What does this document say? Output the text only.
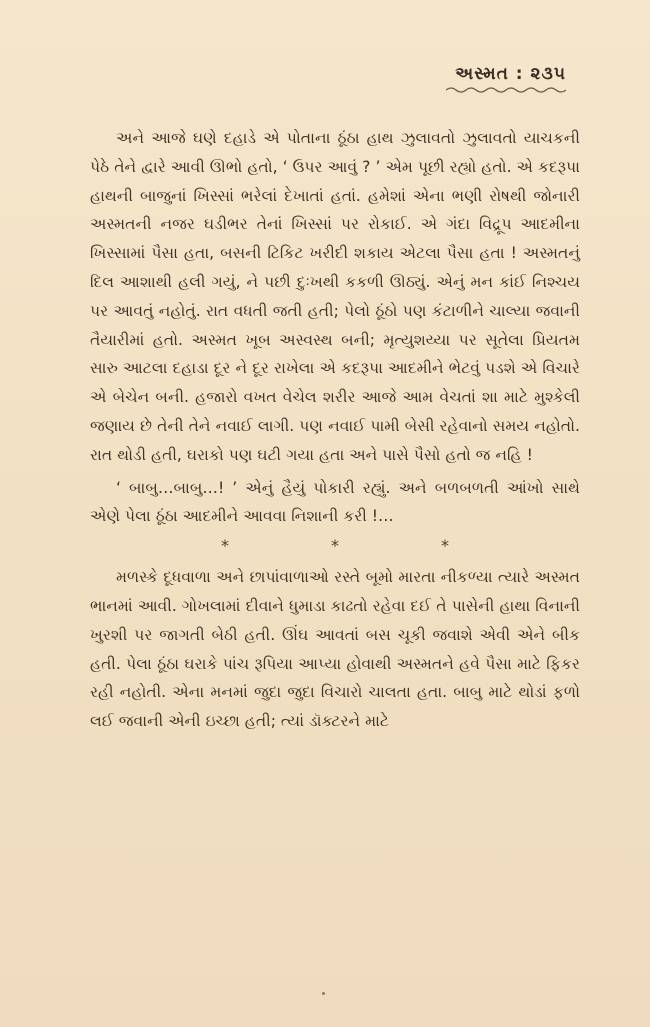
અસ્મત : ૨૩૫

અને આજે ઘણે દહાડે એ પોતાના ઠૂંઠા હાથ ઝુલાવતો ઝુલાવતો યાચકની પેઠે તેને દ્વારે આવી ઊભો હતો, ‘ ઉપર આવું ? ’ એમ પૂછી રહ્યો હતો. એ કદરૂપા હાથની બાજુનાં ખિસ્સાં ભરેલાં દેખાતાં હતાં. હમેશાં એના ભણી રોષથી જોનારી અસ્મતની નજર ઘડીભર તેનાં ખિસ્સાં પર રોકાઈ. એ ગંદા વિદ્રૂપ આદમીના ખિસ્સામાં પૈસા હતા, બસની ટિકિટ ખરીદી શકાય એટલા પૈસા હતા ! અસ્મતનું દિલ આશાથી હલી ગયું, ને પછી દુઃખથી કકળી ઊઠ્યું. એનું મન કાંઈ નિશ્ચય પર આવતું નહોતું. રાત વધતી જતી હતી; પેલો ઠૂંઠો પણ કંટાળીને ચાલ્યા જવાની તૈયારીમાં હતો. અસ્મત ખૂબ અસ્વસ્થ બની; મૃત્યુશય્યા પર સૂતેલા પ્રિયતમ સારુ આટલા દહાડા દૂર ને દૂર રાખેલા એ કદરૂપા આદમીને ભેટવું પડશે એ વિચારે એ બેચેન બની. હજારો વખત વેચેલ શરીર આજે આમ વેચતાં શા માટે મુશ્કેલી જણાય છે તેની તેને નવાઈ લાગી. પણ નવાઈ પામી બેસી રહેવાનો સમય નહોતો. રાત થોડી હતી, ઘરાકો પણ ઘટી ગયા હતા અને પાસે પૈસો હતો જ નહિ !

‘ બાબુ…બાબુ…! ’ એનું હૈયું પોકારી રહ્યું. અને બળબળતી આંખો સાથે એણે પેલા ઠૂંઠા આદમીને આવવા નિશાની કરી !…

*	*	*

મળસ્કે દૂધવાળા અને છાપાંવાળાઓ રસ્તે બૂમો મારતા નીકળ્યા ત્યારે અસ્મત ભાનમાં આવી. ગોખલામાં દીવાને ધુમાડા કાઢતો રહેવા દઈ તે પાસેની હાથા વિનાની ખુરશી પર જાગતી બેઠી હતી. ઊંઘ આવતાં બસ ચૂકી જવાશે એવી એને બીક હતી. પેલા ઠૂંઠા ઘરાકે પાંચ રૂપિયા આપ્યા હોવાથી અસ્મતને હવે પૈસા માટે ફિકર રહી નહોતી. એના મનમાં જુદા જુદા વિચારો ચાલતા હતા. બાબુ માટે થોડાં ફળો લઈ જવાની એની ઇચ્છા હતી; ત્યાં ડૉક્ટરને માટે
